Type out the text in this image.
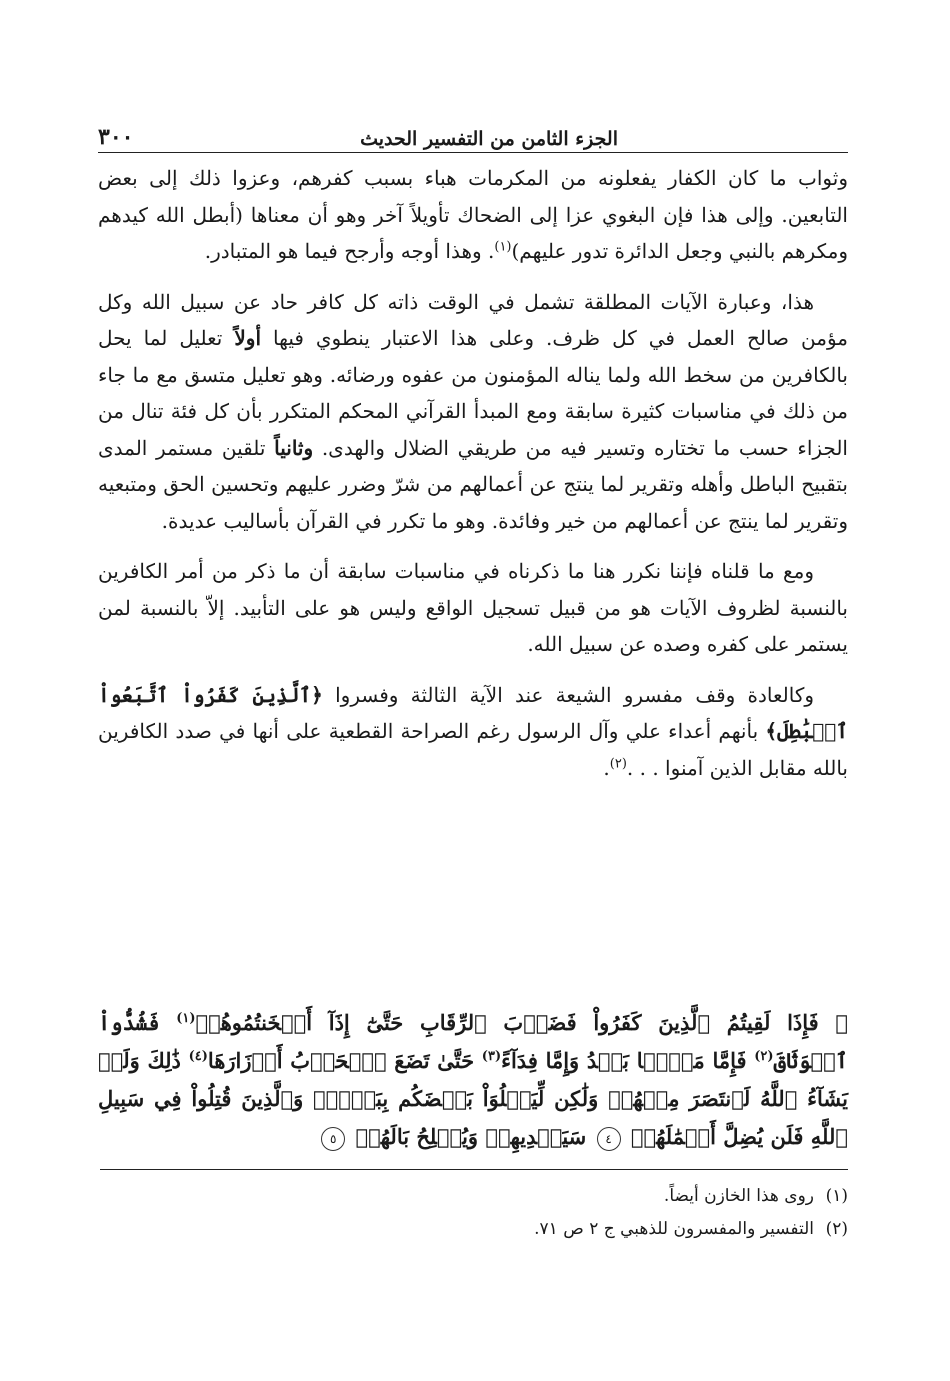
الجزء الثامن من التفسير الحديث
٣٠٠

وثواب ما كان الكفار يفعلونه من المكرمات هباء بسبب كفرهم، وعزوا ذلك إلى بعض التابعين. وإلى هذا فإن البغوي عزا إلى الضحاك تأويلاً آخر وهو أن معناها (أبطل الله كيدهم ومكرهم بالنبي وجعل الدائرة تدور عليهم)$^{(١)}$. وهذا أوجه وأرجح فيما هو المتبادر.

هذا، وعبارة الآيات المطلقة تشمل في الوقت ذاته كل كافر حاد عن سبيل الله وكل مؤمن صالح العمل في كل ظرف. وعلى هذا الاعتبار ينطوي فيها أولاً تعليل لما يحل بالكافرين من سخط الله ولما يناله المؤمنون من عفوه ورضائه. وهو تعليل متسق مع ما جاء من ذلك في مناسبات كثيرة سابقة ومع المبدأ القرآني المحكم المتكرر بأن كل فئة تنال من الجزاء حسب ما تختاره وتسير فيه من طريقي الضلال والهدى. وثانياً تلقين مستمر المدى بتقبيح الباطل وأهله وتقرير لما ينتج عن أعمالهم من شرّ وضرر عليهم وتحسين الحق ومتبعيه وتقرير لما ينتج عن أعمالهم من خير وفائدة. وهو ما تكرر في القرآن بأساليب عديدة.

ومع ما قلناه فإننا نكرر هنا ما ذكرناه في مناسبات سابقة أن ما ذكر من أمر الكافرين بالنسبة لظروف الآيات هو من قبيل تسجيل الواقع وليس هو على التأبيد. إلاّ بالنسبة لمن يستمر على كفره وصده عن سبيل الله.

وكالعادة وقف مفسرو الشيعة عند الآية الثالثة وفسروا ﴿ٱلَّذِينَ كَفَرُواْ ٱتَّبَعُواْ ٱلۡبَٰطِلَ﴾ بأنهم أعداء علي وآل الرسول رغم الصراحة القطعية على أنها في صدد الكافرين بالله مقابل الذين آمنوا . . .$^{(٢)}$.

﴿ فَإِذَا لَقِيتُمُ ٱلَّذِينَ كَفَرُواْ فَضَرۡبَ ٱلرِّقَابِ حَتَّىٰٓ إِذَآ أَثۡخَنتُمُوهُمۡ$^{(١)}$ فَشُدُّواْ ٱلۡوَثَاقَ$^{(٢)}$ فَإِمَّا مَنَّۢا بَعۡدُ وَإِمَّا فِدَآءً$^{(٣)}$ حَتَّىٰ تَضَعَ ٱلۡحَرۡبُ أَوۡزَارَهَا$^{(٤)}$ ذَٰلِكَ وَلَوۡ يَشَآءُ ٱللَّهُ لَٱنتَصَرَ مِنۡهُمۡ وَلَٰكِن لِّيَبۡلُوَاْ بَعۡضَكُم بِبَعۡضٖۗ وَٱلَّذِينَ قُتِلُواْ فِي سَبِيلِ ٱللَّهِ فَلَن يُضِلَّ أَعۡمَٰلَهُمۡ ٤ سَيَهۡدِيهِمۡ وَيُصۡلِحُ بَالَهُمۡ ٥

(١)روى هذا الخازن أيضاً.

(٢)التفسير والمفسرون للذهبي ج ٢ ص ٧١.
